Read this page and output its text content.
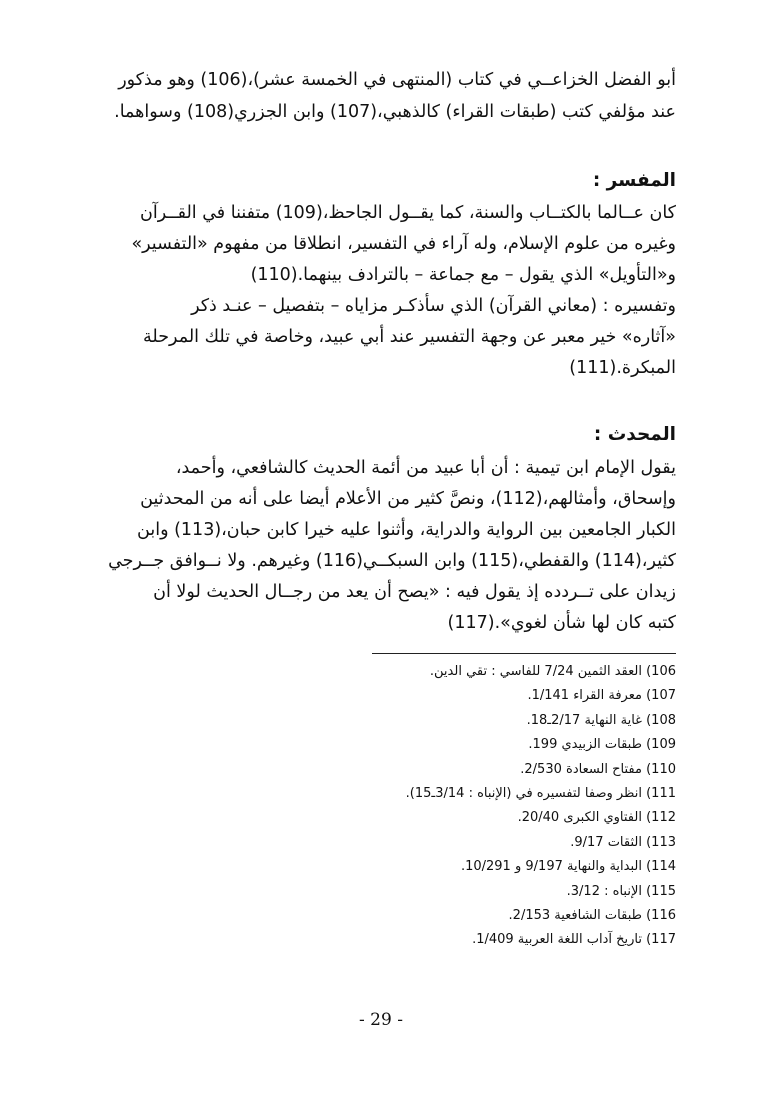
أبو الفضل الخزاعــي في كتاب (المنتهى في الخمسة عشر)،(106) وهو مذكور
عند مؤلفي كتب (طبقات القراء) كالذهبي،(107) وابن الجزري(108) وسواهما.
المفسر :
كان عــالما بالكتــاب والسنة، كما يقــول الجاحظ،(109) متفننا في القــرآن
وغيره من علوم الإسلام، وله آراء في التفسير، انطلاقا من مفهوم «التفسير»
و«التأويل» الذي يقول – مع جماعة – بالترادف بينهما.(110)
وتفسيره : (معاني القرآن) الذي سأذكـر مزاياه – بتفصيل – عنـد ذكر
«آثاره» خير معبر عن وجهة التفسير عند أبي عبيد، وخاصة في تلك المرحلة
المبكرة.(111)
المحدث :
يقول الإمام ابن تيمية : أن أبا عبيد من أئمة الحديث كالشافعي، وأحمد،
وإسحاق، وأمثالهم،(112)، ونصَّ كثير من الأعلام أيضا على أنه من المحدثين
الكبار الجامعين بين الرواية والدراية، وأثنوا عليه خيرا كابن حبان،(113) وابن
كثير،(114) والقفطي،(115) وابن السبكــي(116) وغيرهم. ولا نــوافق جــرجي
زيدان على تــردده إذ يقول فيه : «يصح أن يعد من رجــال الحديث لولا أن
كتبه كان لها شأن لغوي».(117)
106) العقد الثمين 7/24 للفاسي : تقي الدين.
107) معرفة القراء 1/141.
108) غاية النهاية 2/17ـ18.
109) طبقات الزبيدي 199.
110) مفتاح السعادة 2/530.
111) انظر وصفا لتفسيره في (الإنباه : 3/14ـ15).
112) الفتاوي الكبرى 20/40.
113) الثقات 9/17.
114) البداية والنهاية 9/197 و 10/291.
115) الإنباه : 3/12.
116) طبقات الشافعية 2/153.
117) تاريخ آداب اللغة العربية 1/409.
- 29 -
